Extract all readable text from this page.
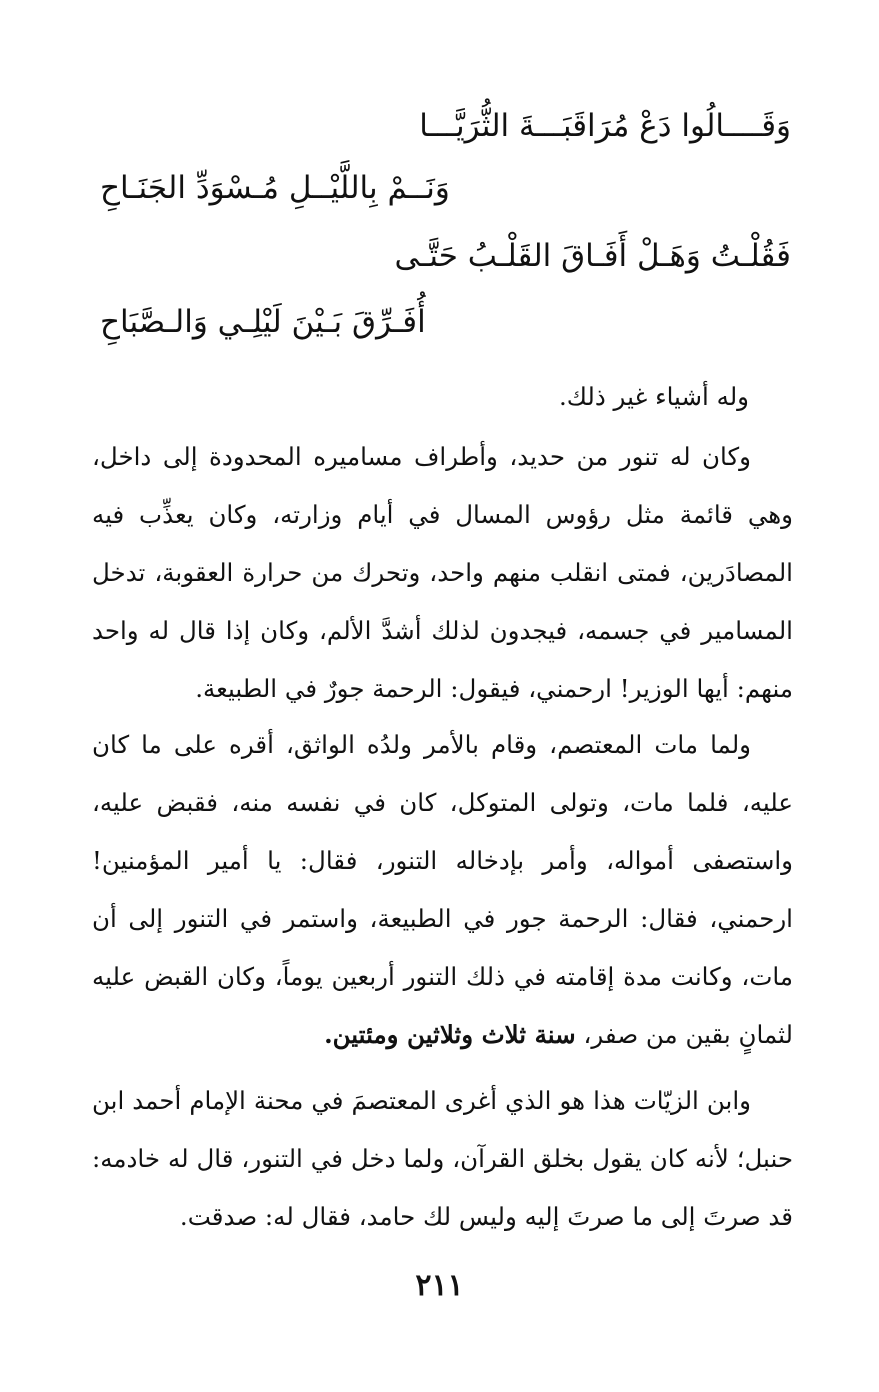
وَقَــــالُوا دَعْ مُرَاقَبَـــةَ الثُّرَيَّـــا
وَنَــمْ بِاللَّيْــلِ مُـسْوَدِّ الجَنَـاحِ
فَقُلْـتُ وَهَـلْ أَفَـاقَ القَلْـبُ حَتَّـى
أُفَـرِّقَ بَـيْنَ لَيْلِـي وَالـصَّبَاحِ
وله أشياء غير ذلك.
وكان له تنور من حديد، وأطراف مساميره المحدودة إلى داخل، وهي قائمة مثل رؤوس المسال في أيام وزارته، وكان يعذِّب فيه المصادَرين، فمتى انقلب منهم واحد، وتحرك من حرارة العقوبة، تدخل المسامير في جسمه، فيجدون لذلك أشدَّ الألم، وكان إذا قال له واحد منهم: أيها الوزير! ارحمني، فيقول: الرحمة جورٌ في الطبيعة.
ولما مات المعتصم، وقام بالأمر ولدُه الواثق، أقره على ما كان عليه، فلما مات، وتولى المتوكل، كان في نفسه منه، فقبض عليه، واستصفى أمواله، وأمر بإدخاله التنور، فقال: يا أمير المؤمنين! ارحمني، فقال: الرحمة جور في الطبيعة، واستمر في التنور إلى أن مات، وكانت مدة إقامته في ذلك التنور أربعين يوماً، وكان القبض عليه لثمانٍ بقين من صفر، سنة ثلاث وثلاثين ومئتين.
وابن الزيّات هذا هو الذي أغرى المعتصمَ في محنة الإمام أحمد ابن حنبل؛ لأنه كان يقول بخلق القرآن، ولما دخل في التنور، قال له خادمه: قد صرتَ إلى ما صرتَ إليه وليس لك حامد، فقال له: صدقت.
٢١١
